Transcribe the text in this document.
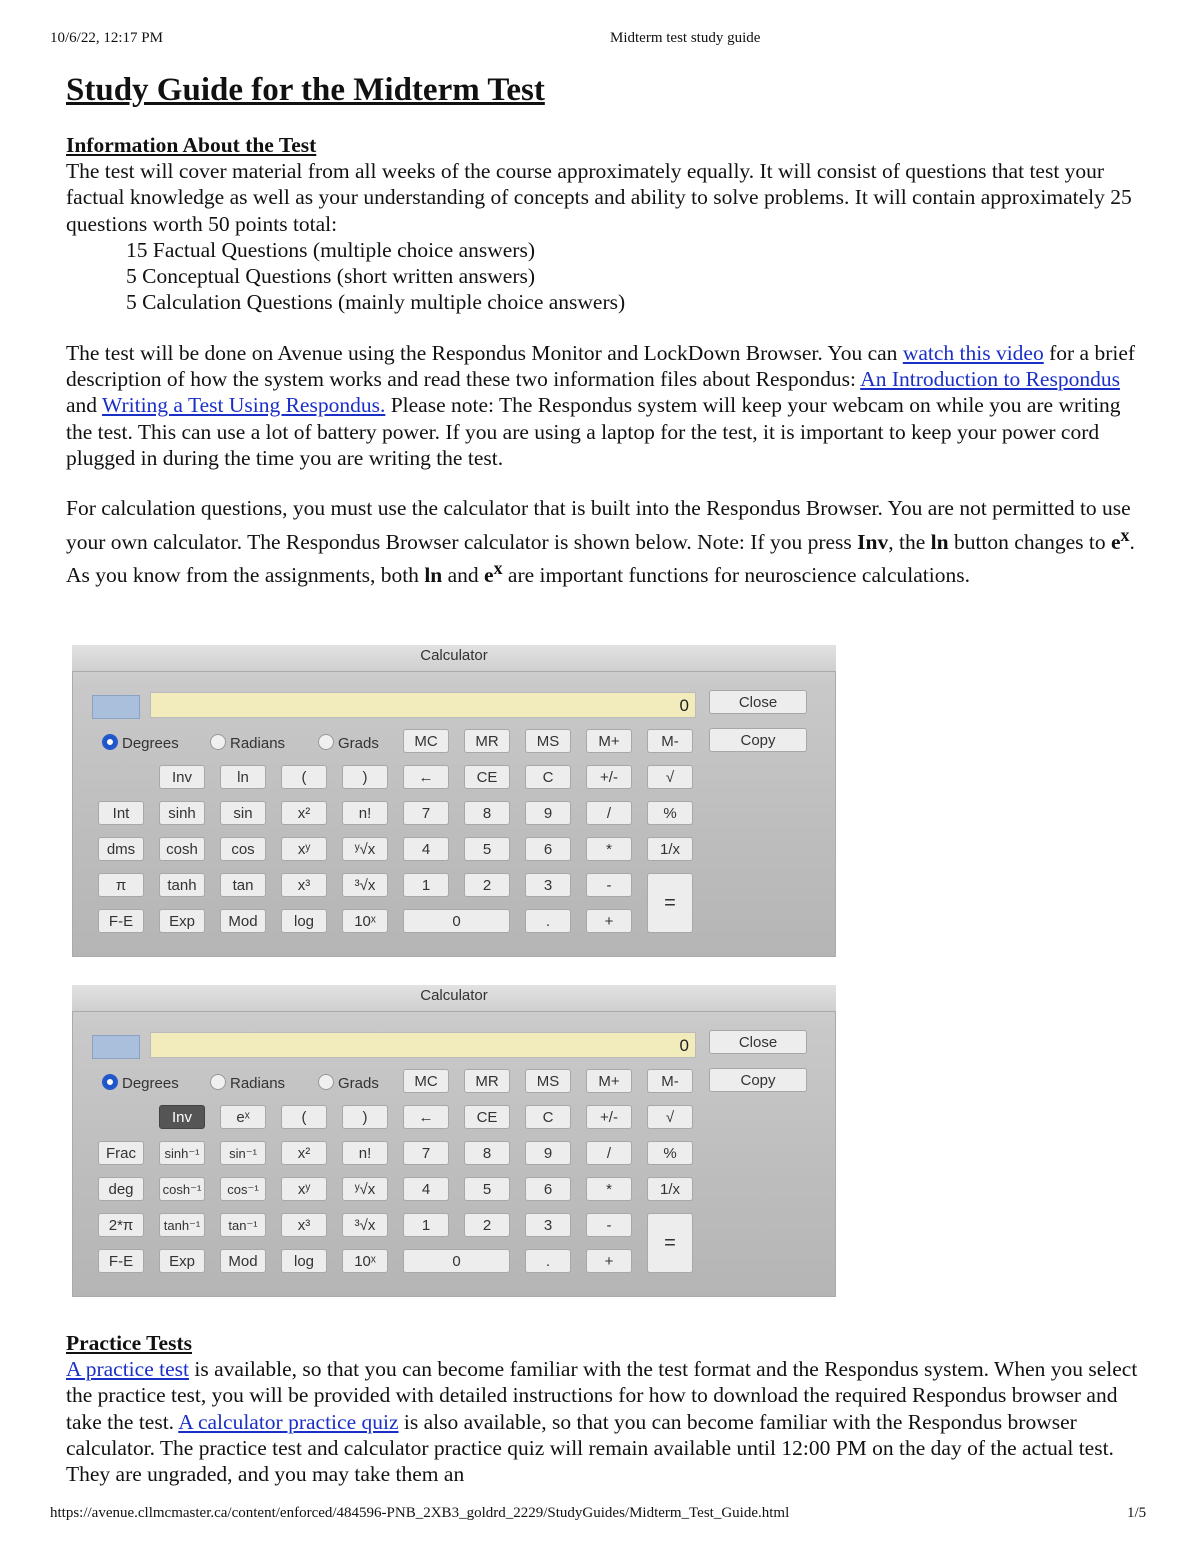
10/6/22, 12:17 PM	Midterm test study guide
Study Guide for the Midterm Test
Information About the Test

The test will cover material from all weeks of the course approximately equally. It will consist of questions that test your factual knowledge as well as your understanding of concepts and ability to solve problems. It will contain approximately 25 questions worth 50 points total:

15 Factual Questions (multiple choice answers)

5 Conceptual Questions (short written answers)

5 Calculation Questions (mainly multiple choice answers)

The test will be done on Avenue using the Respondus Monitor and LockDown Browser. You can watch this video for a brief description of how the system works and read these two information files about Respondus: An Introduction to Respondus and Writing a Test Using Respondus. Please note: The Respondus system will keep your webcam on while you are writing the test. This can use a lot of battery power. If you are using a laptop for the test, it is important to keep your power cord plugged in during the time you are writing the test.

For calculation questions, you must use the calculator that is built into the Respondus Browser. You are not permitted to use your own calculator. The Respondus Browser calculator is shown below. Note: If you press Inv, the ln button changes to $e^x$. As you know from the assignments, both ln and $e^x$ are important functions for neuroscience calculations.

Calculator
0	Close
Copy
Degrees	Radians	Grads	MC	MR	MS	M+	M-
Inv	ln	(	)	←	CE	C	+/-	√
Int
dms
sinh
cosh
sin
cos
x²
xʸ
n!
ʸ√x
7
4
8
5
9
6
/
*
%
1/x
π	tanh	tan	x³	³√x	1	2	3	-
F-E	Exp	Mod	log	10ˣ	0	.	+
=
Calculator
0	Close
Copy
Degrees	Radians	Grads	MC	MR	MS	M+	M-
Inv	eˣ	(	)	←	CE	C	+/-	√
Frac
deg
sinh⁻¹
cosh⁻¹
sin⁻¹
cos⁻¹
x²
xʸ
n!
ʸ√x
7
4
8
5
9
6
/
*
%
1/x
2*π	tanh⁻¹	tan⁻¹	x³	³√x	1	2	3	-
F-E	Exp	Mod	log	10ˣ	0	.	+
=
Practice Tests

A practice test is available, so that you can become familiar with the test format and the Respondus system. When you select the practice test, you will be provided with detailed instructions for how to download the required Respondus browser and take the test. A calculator practice quiz is also available, so that you can become familiar with the Respondus browser calculator. The practice test and calculator practice quiz will remain available until 12:00 PM on the day of the actual test. They are ungraded, and you may take them an

https://avenue.cllmcmaster.ca/content/enforced/484596-PNB_2XB3_goldrd_2229/StudyGuides/Midterm_Test_Guide.html	1/5
